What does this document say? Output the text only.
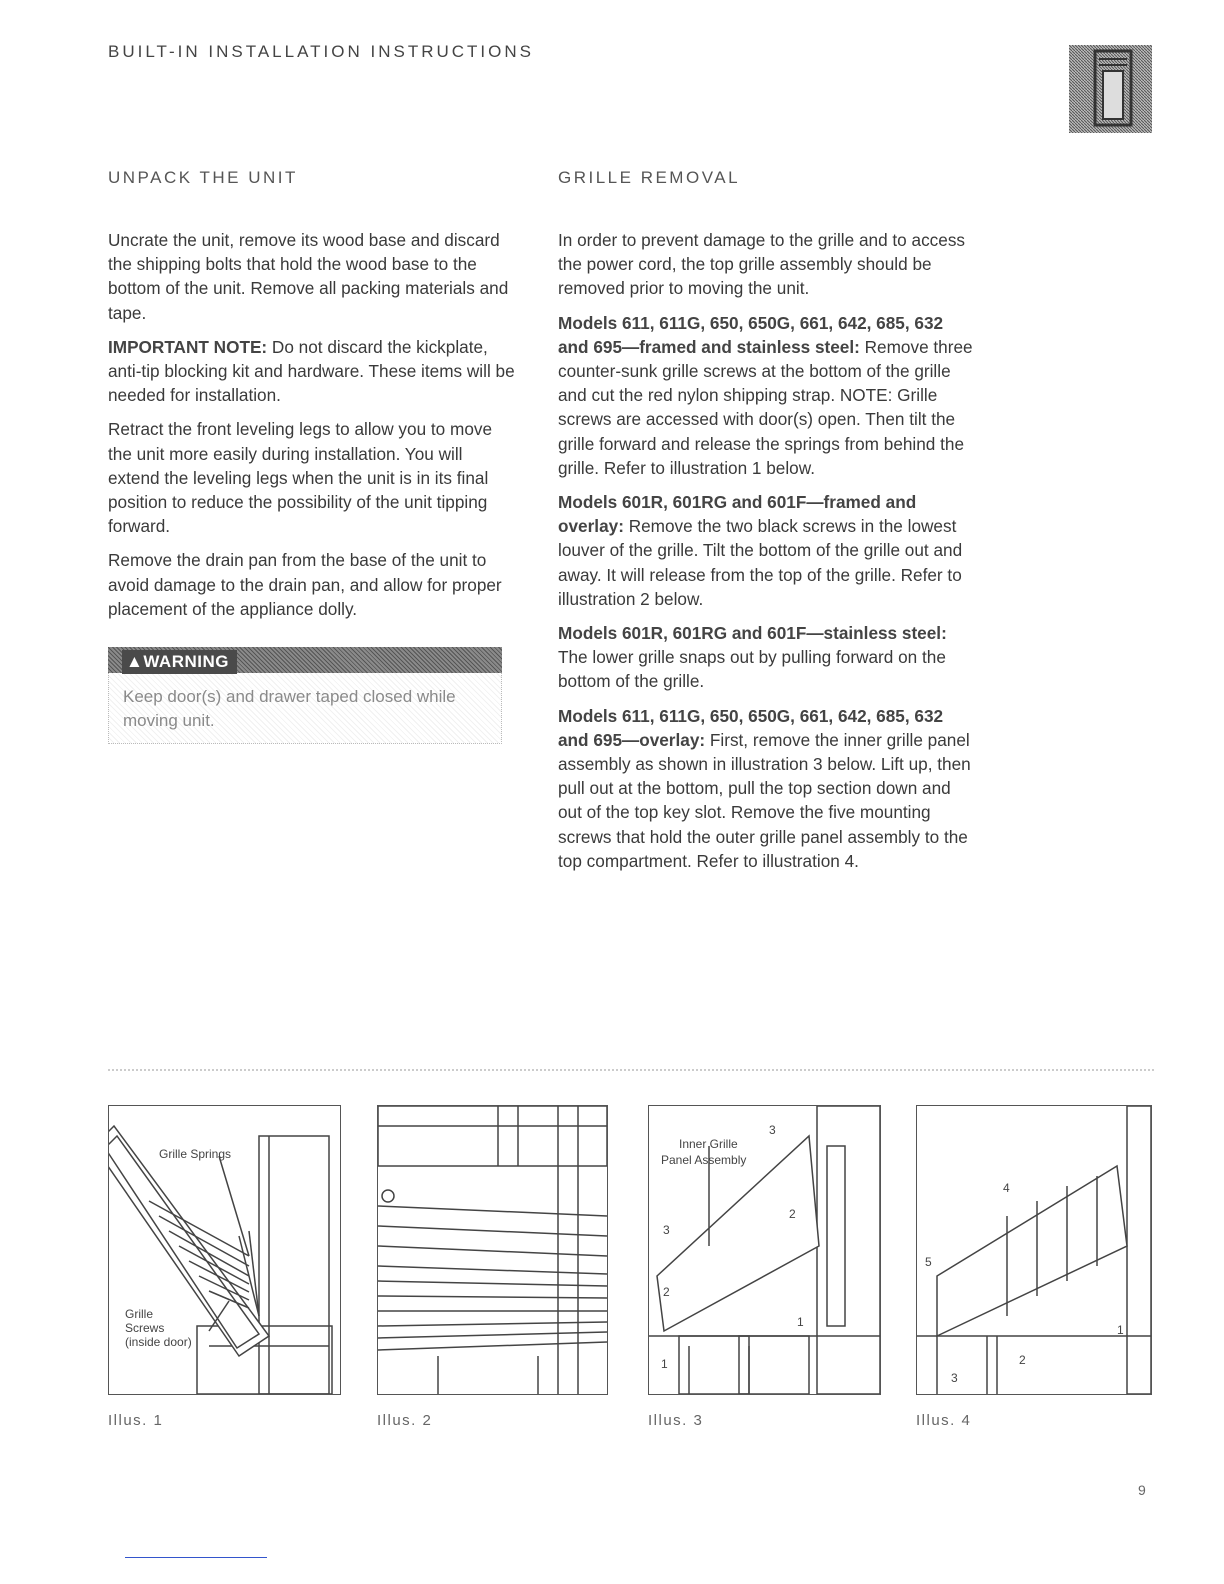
BUILT-IN INSTALLATION INSTRUCTIONS
UNPACK THE UNIT

Uncrate the unit, remove its wood base and discard the shipping bolts that hold the wood base to the bottom of the unit. Remove all packing materials and tape.

IMPORTANT NOTE: Do not discard the kickplate, anti-tip blocking kit and hardware. These items will be needed for installation.

Retract the front leveling legs to allow you to move the unit more easily during installation. You will extend the leveling legs when the unit is in its final position to reduce the possibility of the unit tipping forward.

Remove the drain pan from the base of the unit to avoid damage to the drain pan, and allow for proper placement of the appliance dolly.

▲WARNING
Keep door(s) and drawer taped closed while moving unit.
GRILLE REMOVAL

In order to prevent damage to the grille and to access the power cord, the top grille assembly should be removed prior to moving the unit.

Models 611, 611G, 650, 650G, 661, 642, 685, 632 and 695—framed and stainless steel: Remove three counter-sunk grille screws at the bottom of the grille and cut the red nylon shipping strap. NOTE: Grille screws are accessed with door(s) open. Then tilt the grille forward and release the springs from behind the grille. Refer to illustration 1 below.

Models 601R, 601RG and 601F—framed and overlay: Remove the two black screws in the lowest louver of the grille. Tilt the bottom of the grille out and away. It will release from the top of the grille. Refer to illustration 2 below.

Models 601R, 601RG and 601F—stainless steel: The lower grille snaps out by pulling forward on the bottom of the grille.

Models 611, 611G, 650, 650G, 661, 642, 685, 632 and 695—overlay: First, remove the inner grille panel assembly as shown in illustration 3 below. Lift up, then pull out at the bottom, pull the top section down and out of the top key slot. Remove the five mounting screws that hold the outer grille panel assembly to the top compartment. Refer to illustration 4.

Grille Springs
Grille
Screws
(inside door)
Inner Grille
Panel Assembly
3
2
3
2
1
1
4
5
1
2
3
Illus. 1	Illus. 2	Illus. 3	Illus. 4
9
